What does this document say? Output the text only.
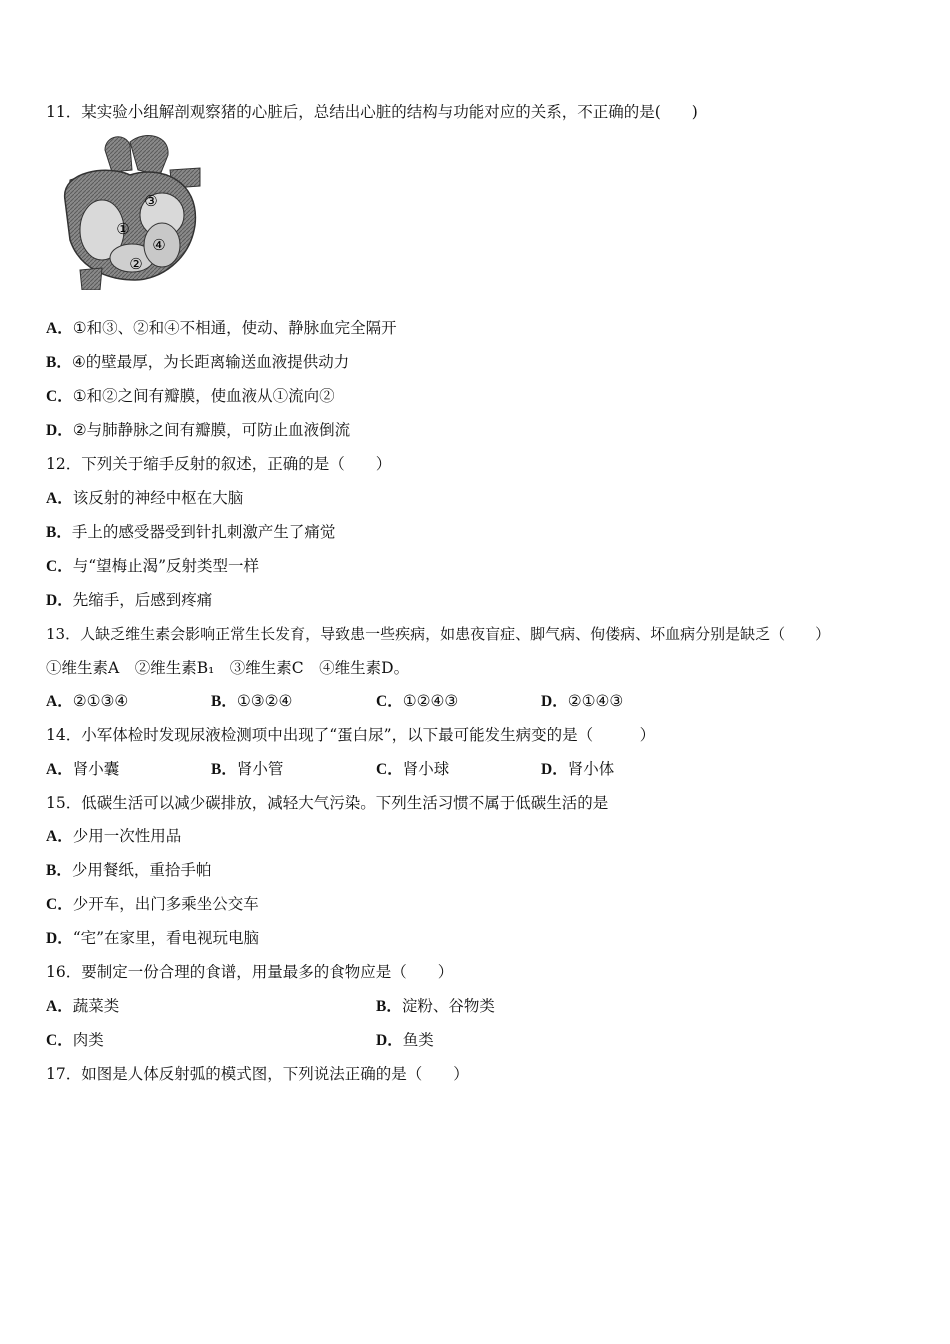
11．某实验小组解剖观察猪的心脏后，总结出心脏的结构与功能对应的关系，不正确的是(　　)
①
②
③
④
A．①和③、②和④不相通，使动、静脉血完全隔开
B．④的壁最厚，为长距离输送血液提供动力
C．①和②之间有瓣膜，使血液从①流向②
D．②与肺静脉之间有瓣膜，可防止血液倒流
12．下列关于缩手反射的叙述，正确的是（　　）
A．该反射的神经中枢在大脑
B．手上的感受器受到针扎刺激产生了痛觉
C．与“望梅止渴”反射类型一样
D．先缩手，后感到疼痛
13．人缺乏维生素会影响正常生长发育，导致患一些疾病，如患夜盲症、脚气病、佝偻病、坏血病分别是缺乏（　　）
①维生素A　②维生素B₁　③维生素C　④维生素D。
A．②①③④	B．①③②④	C．①②④③	D．②①④③
14．小军体检时发现尿液检测项中出现了“蛋白尿”，以下最可能发生病变的是（　　　）
A．肾小囊	B．肾小管	C．肾小球	D．肾小体
15．低碳生活可以减少碳排放，减轻大气污染。下列生活习惯不属于低碳生活的是
A．少用一次性用品
B．少用餐纸，重拾手帕
C．少开车，出门多乘坐公交车
D．“宅”在家里，看电视玩电脑
16．要制定一份合理的食谱，用量最多的食物应是（　　）
A．蔬菜类	B．淀粉、谷物类
C．肉类	D．鱼类
17．如图是人体反射弧的模式图，下列说法正确的是（　　）
